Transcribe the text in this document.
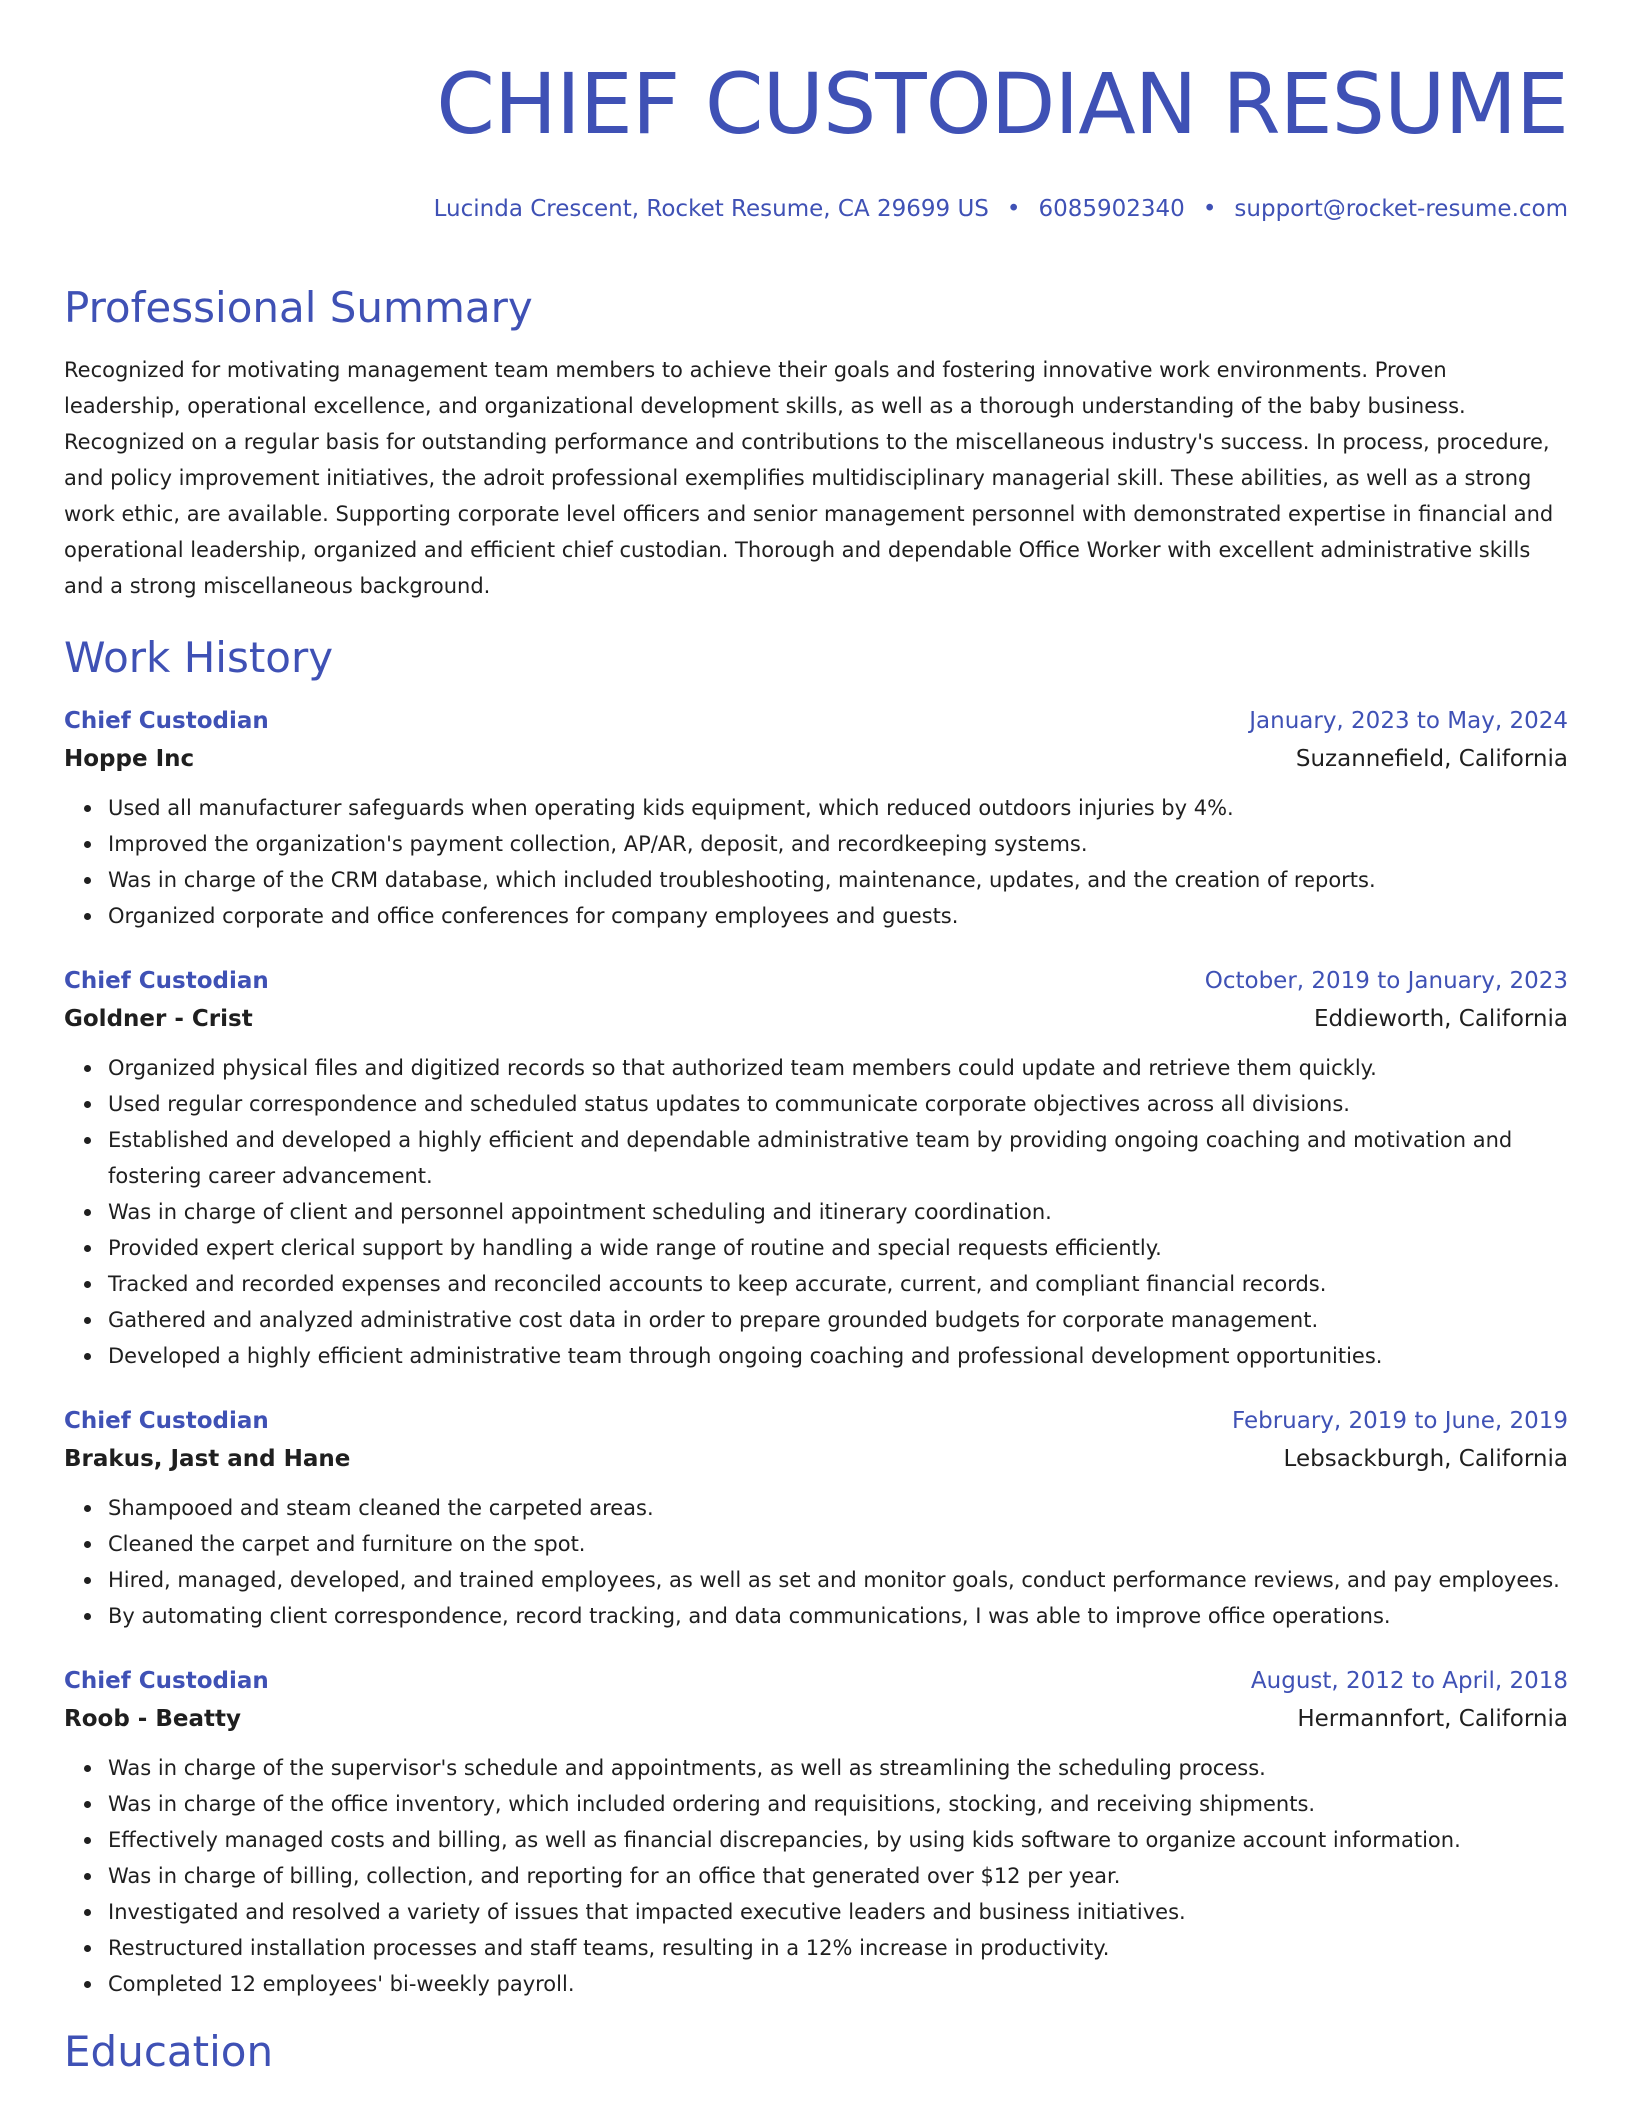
CHIEF CUSTODIAN RESUME
Lucinda Crescent, Rocket Resume, CA 29699 US • 6085902340 • support@rocket-resume.com
Professional Summary
Recognized for motivating management team members to achieve their goals and fostering innovative work environments. Proven leadership, operational excellence, and organizational development skills, as well as a thorough understanding of the baby business. Recognized on a regular basis for outstanding performance and contributions to the miscellaneous industry's success. In process, procedure, and policy improvement initiatives, the adroit professional exemplifies multidisciplinary managerial skill. These abilities, as well as a strong work ethic, are available. Supporting corporate level officers and senior management personnel with demonstrated expertise in financial and operational leadership, organized and efficient chief custodian. Thorough and dependable Office Worker with excellent administrative skills and a strong miscellaneous background.
Work History
Chief Custodian	January, 2023 to May, 2024
Hoppe Inc	Suzannefield, California
Used all manufacturer safeguards when operating kids equipment, which reduced outdoors injuries by 4%.
Improved the organization's payment collection, AP/AR, deposit, and recordkeeping systems.
Was in charge of the CRM database, which included troubleshooting, maintenance, updates, and the creation of reports.
Organized corporate and office conferences for company employees and guests.
Chief Custodian	October, 2019 to January, 2023
Goldner - Crist	Eddieworth, California
Organized physical files and digitized records so that authorized team members could update and retrieve them quickly.
Used regular correspondence and scheduled status updates to communicate corporate objectives across all divisions.
Established and developed a highly efficient and dependable administrative team by providing ongoing coaching and motivation and fostering career advancement.
Was in charge of client and personnel appointment scheduling and itinerary coordination.
Provided expert clerical support by handling a wide range of routine and special requests efficiently.
Tracked and recorded expenses and reconciled accounts to keep accurate, current, and compliant financial records.
Gathered and analyzed administrative cost data in order to prepare grounded budgets for corporate management.
Developed a highly efficient administrative team through ongoing coaching and professional development opportunities.
Chief Custodian	February, 2019 to June, 2019
Brakus, Jast and Hane	Lebsackburgh, California
Shampooed and steam cleaned the carpeted areas.
Cleaned the carpet and furniture on the spot.
Hired, managed, developed, and trained employees, as well as set and monitor goals, conduct performance reviews, and pay employees.
By automating client correspondence, record tracking, and data communications, I was able to improve office operations.
Chief Custodian	August, 2012 to April, 2018
Roob - Beatty	Hermannfort, California
Was in charge of the supervisor's schedule and appointments, as well as streamlining the scheduling process.
Was in charge of the office inventory, which included ordering and requisitions, stocking, and receiving shipments.
Effectively managed costs and billing, as well as financial discrepancies, by using kids software to organize account information.
Was in charge of billing, collection, and reporting for an office that generated over $12 per year.
Investigated and resolved a variety of issues that impacted executive leaders and business initiatives.
Restructured installation processes and staff teams, resulting in a 12% increase in productivity.
Completed 12 employees' bi-weekly payroll.
Education
